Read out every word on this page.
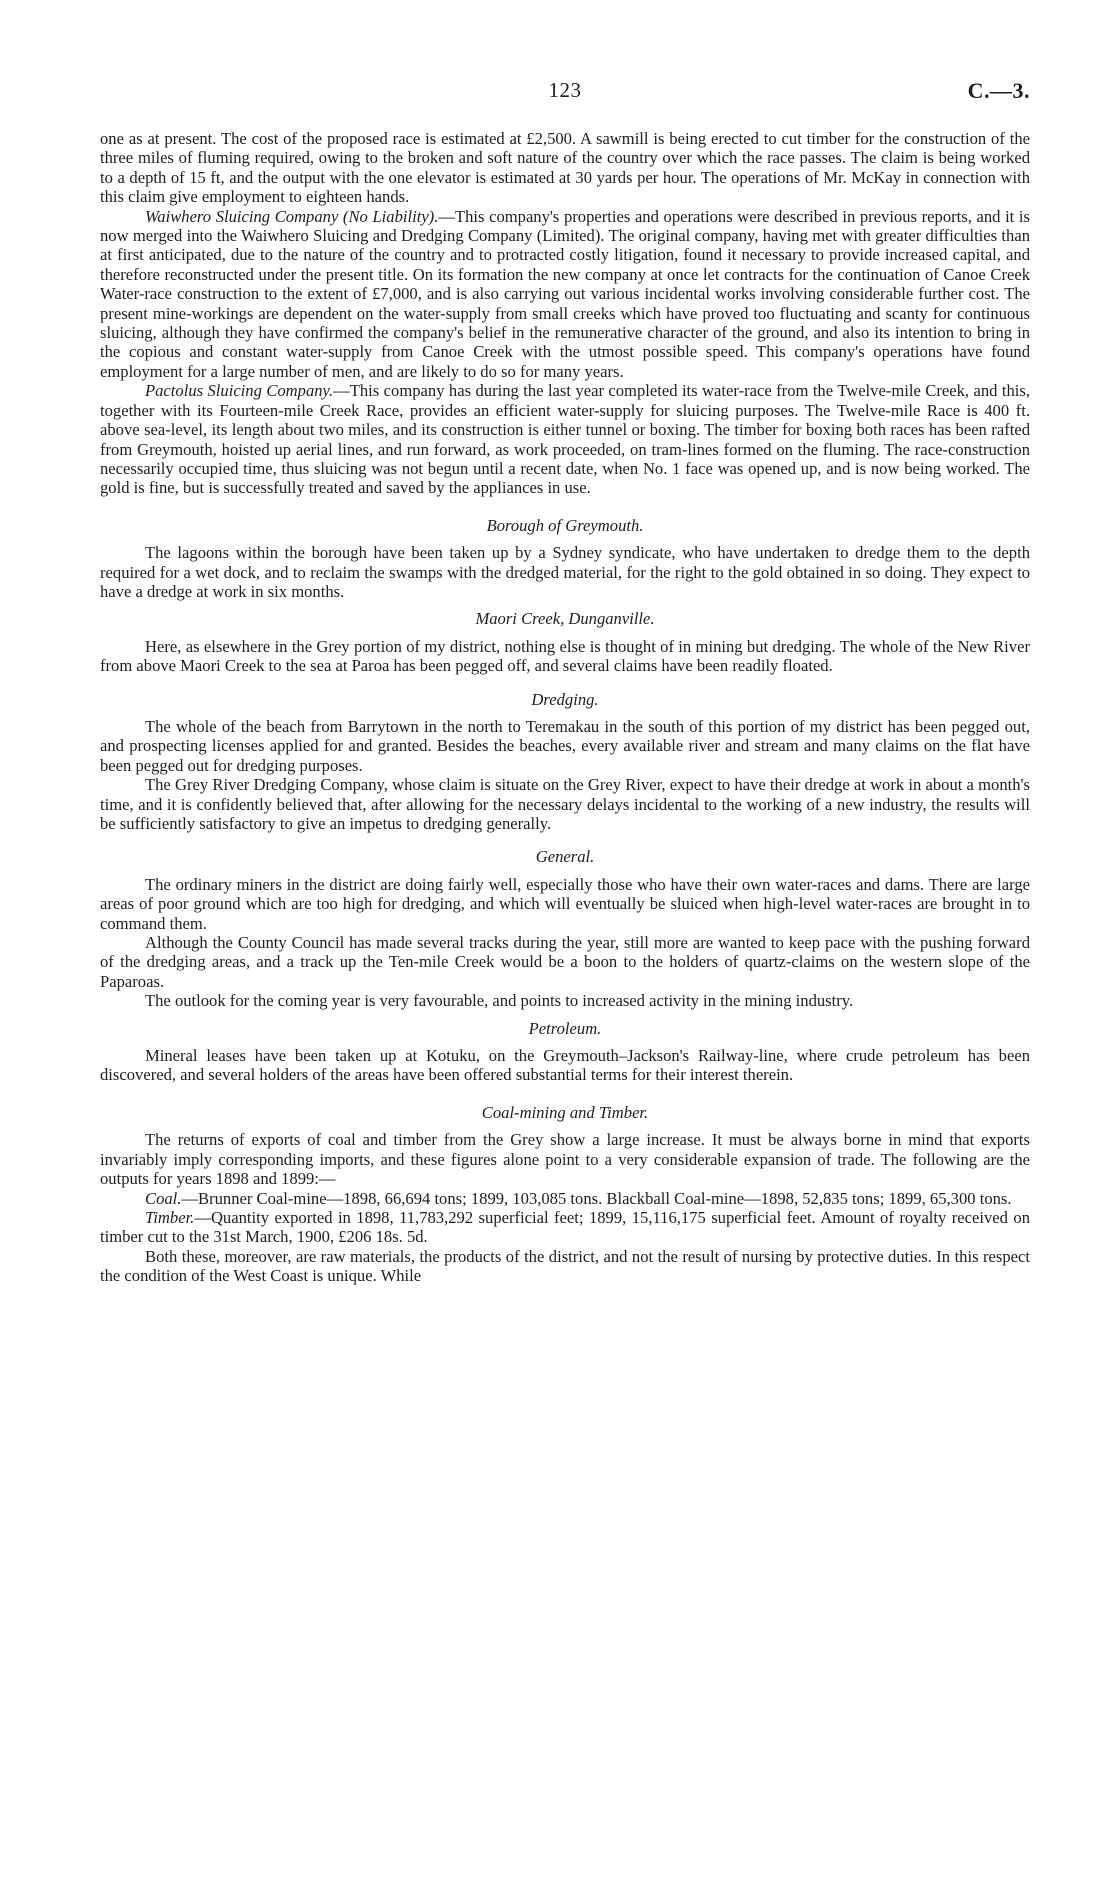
123	C.—3.

one as at present. The cost of the proposed race is estimated at £2,500. A sawmill is being erected to cut timber for the construction of the three miles of fluming required, owing to the broken and soft nature of the country over which the race passes. The claim is being worked to a depth of 15 ft, and the output with the one elevator is estimated at 30 yards per hour. The operations of Mr. McKay in connection with this claim give employment to eighteen hands.

Waiwhero Sluicing Company (No Liability).—This company's properties and operations were described in previous reports, and it is now merged into the Waiwhero Sluicing and Dredging Company (Limited). The original company, having met with greater difficulties than at first anticipated, due to the nature of the country and to protracted costly litigation, found it necessary to provide increased capital, and therefore reconstructed under the present title. On its formation the new company at once let contracts for the continuation of Canoe Creek Water-race construction to the extent of £7,000, and is also carrying out various incidental works involving considerable further cost. The present mine-workings are dependent on the water-supply from small creeks which have proved too fluctuating and scanty for continuous sluicing, although they have confirmed the company's belief in the remunerative character of the ground, and also its intention to bring in the copious and constant water-supply from Canoe Creek with the utmost possible speed. This company's operations have found employment for a large number of men, and are likely to do so for many years.

Pactolus Sluicing Company.—This company has during the last year completed its water-race from the Twelve-mile Creek, and this, together with its Fourteen-mile Creek Race, provides an efficient water-supply for sluicing purposes. The Twelve-mile Race is 400 ft. above sea-level, its length about two miles, and its construction is either tunnel or boxing. The timber for boxing both races has been rafted from Greymouth, hoisted up aerial lines, and run forward, as work proceeded, on tram-lines formed on the fluming. The race-construction necessarily occupied time, thus sluicing was not begun until a recent date, when No. 1 face was opened up, and is now being worked. The gold is fine, but is successfully treated and saved by the appliances in use.

Borough of Greymouth.

The lagoons within the borough have been taken up by a Sydney syndicate, who have undertaken to dredge them to the depth required for a wet dock, and to reclaim the swamps with the dredged material, for the right to the gold obtained in so doing. They expect to have a dredge at work in six months.

Maori Creek, Dunganville.

Here, as elsewhere in the Grey portion of my district, nothing else is thought of in mining but dredging. The whole of the New River from above Maori Creek to the sea at Paroa has been pegged off, and several claims have been readily floated.

Dredging.

The whole of the beach from Barrytown in the north to Teremakau in the south of this portion of my district has been pegged out, and prospecting licenses applied for and granted. Besides the beaches, every available river and stream and many claims on the flat have been pegged out for dredging purposes.

The Grey River Dredging Company, whose claim is situate on the Grey River, expect to have their dredge at work in about a month's time, and it is confidently believed that, after allowing for the necessary delays incidental to the working of a new industry, the results will be sufficiently satisfactory to give an impetus to dredging generally.

General.

The ordinary miners in the district are doing fairly well, especially those who have their own water-races and dams. There are large areas of poor ground which are too high for dredging, and which will eventually be sluiced when high-level water-races are brought in to command them.

Although the County Council has made several tracks during the year, still more are wanted to keep pace with the pushing forward of the dredging areas, and a track up the Ten-mile Creek would be a boon to the holders of quartz-claims on the western slope of the Paparoas.

The outlook for the coming year is very favourable, and points to increased activity in the mining industry.

Petroleum.

Mineral leases have been taken up at Kotuku, on the Greymouth–Jackson's Railway-line, where crude petroleum has been discovered, and several holders of the areas have been offered substantial terms for their interest therein.

Coal-mining and Timber.

The returns of exports of coal and timber from the Grey show a large increase. It must be always borne in mind that exports invariably imply corresponding imports, and these figures alone point to a very considerable expansion of trade. The following are the outputs for years 1898 and 1899:—

Coal.—Brunner Coal-mine—1898, 66,694 tons; 1899, 103,085 tons. Blackball Coal-mine—1898, 52,835 tons; 1899, 65,300 tons.

Timber.—Quantity exported in 1898, 11,783,292 superficial feet; 1899, 15,116,175 superficial feet. Amount of royalty received on timber cut to the 31st March, 1900, £206 18s. 5d.

Both these, moreover, are raw materials, the products of the district, and not the result of nursing by protective duties. In this respect the condition of the West Coast is unique. While
